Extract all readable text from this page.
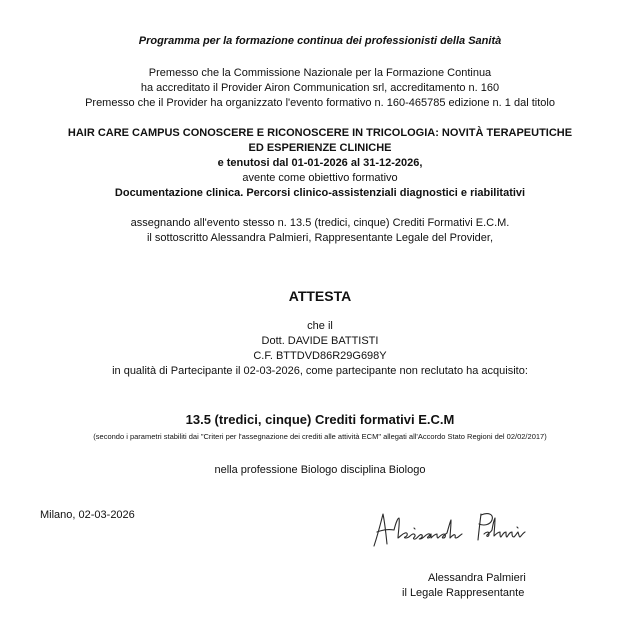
Programma per la formazione continua dei professionisti della Sanità
Premesso che la Commissione Nazionale per la Formazione Continua
ha accreditato il Provider Airon Communication srl, accreditamento n. 160
Premesso che il Provider ha organizzato l'evento formativo n. 160-465785 edizione n. 1 dal titolo
HAIR CARE CAMPUS CONOSCERE E RICONOSCERE IN TRICOLOGIA: NOVITÀ TERAPEUTICHE
ED ESPERIENZE CLINICHE
e tenutosi dal 01-01-2026 al 31-12-2026,
avente come obiettivo formativo
Documentazione clinica. Percorsi clinico-assistenziali diagnostici e riabilitativi
assegnando all'evento stesso n. 13.5 (tredici, cinque) Crediti Formativi E.C.M.
il sottoscritto Alessandra Palmieri, Rappresentante Legale del Provider,
ATTESTA
che il
Dott. DAVIDE BATTISTI
C.F. BTTDVD86R29G698Y
in qualità di Partecipante il 02-03-2026, come partecipante non reclutato ha acquisito:
13.5 (tredici, cinque) Crediti formativi E.C.M
(secondo i parametri stabiliti dai "Criteri per l'assegnazione dei crediti alle attività ECM" allegati all'Accordo Stato Regioni del 02/02/2017)
nella professione Biologo disciplina Biologo
Milano, 02-03-2026
Alessandra Palmieri
il Legale Rappresentante
